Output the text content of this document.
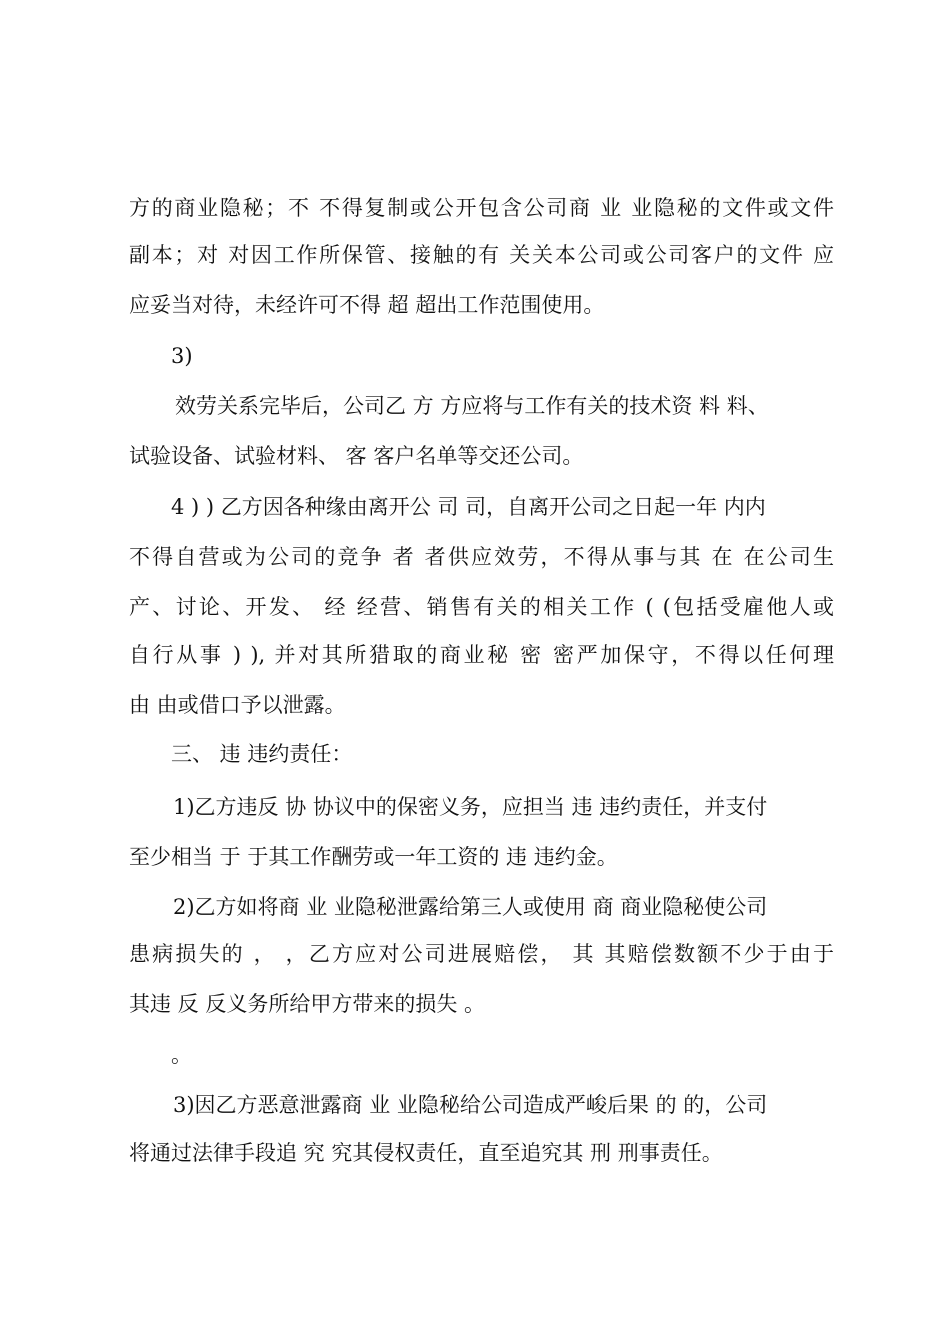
方的商业隐秘；不 不得复制或公开包含公司商 业 业隐秘的文件或文件
副本；对 对因工作所保管、接触的有 关关本公司或公司客户的文件 应
应妥当对待，未经许可不得 超 超出工作范围使用。
3)
效劳关系完毕后，公司乙 方 方应将与工作有关的技术资 料 料、
试验设备、试验材料、 客 客户名单等交还公司。
4 ) ) 乙方因各种缘由离开公 司 司，自离开公司之日起一年 内内
不得自营或为公司的竞争 者 者供应效劳，不得从事与其 在 在公司生
产、讨论、开发、 经 经营、销售有关的相关工作 ( (包括受雇他人或
自行从事 ) ), 并对其所猎取的商业秘 密 密严加保守，不得以任何理
由 由或借口予以泄露。
三、 违 违约责任：
1)乙方违反 协 协议中的保密义务，应担当 违 违约责任，并支付
至少相当 于 于其工作酬劳或一年工资的 违 违约金。
2)乙方如将商 业 业隐秘泄露给第三人或使用 商 商业隐秘使公司
患病损失的 ， ，乙方应对公司进展赔偿， 其 其赔偿数额不少于由于
其违 反 反义务所给甲方带来的损失 。
。
3)因乙方恶意泄露商 业 业隐秘给公司造成严峻后果 的 的，公司
将通过法律手段追 究 究其侵权责任，直至追究其 刑 刑事责任。
